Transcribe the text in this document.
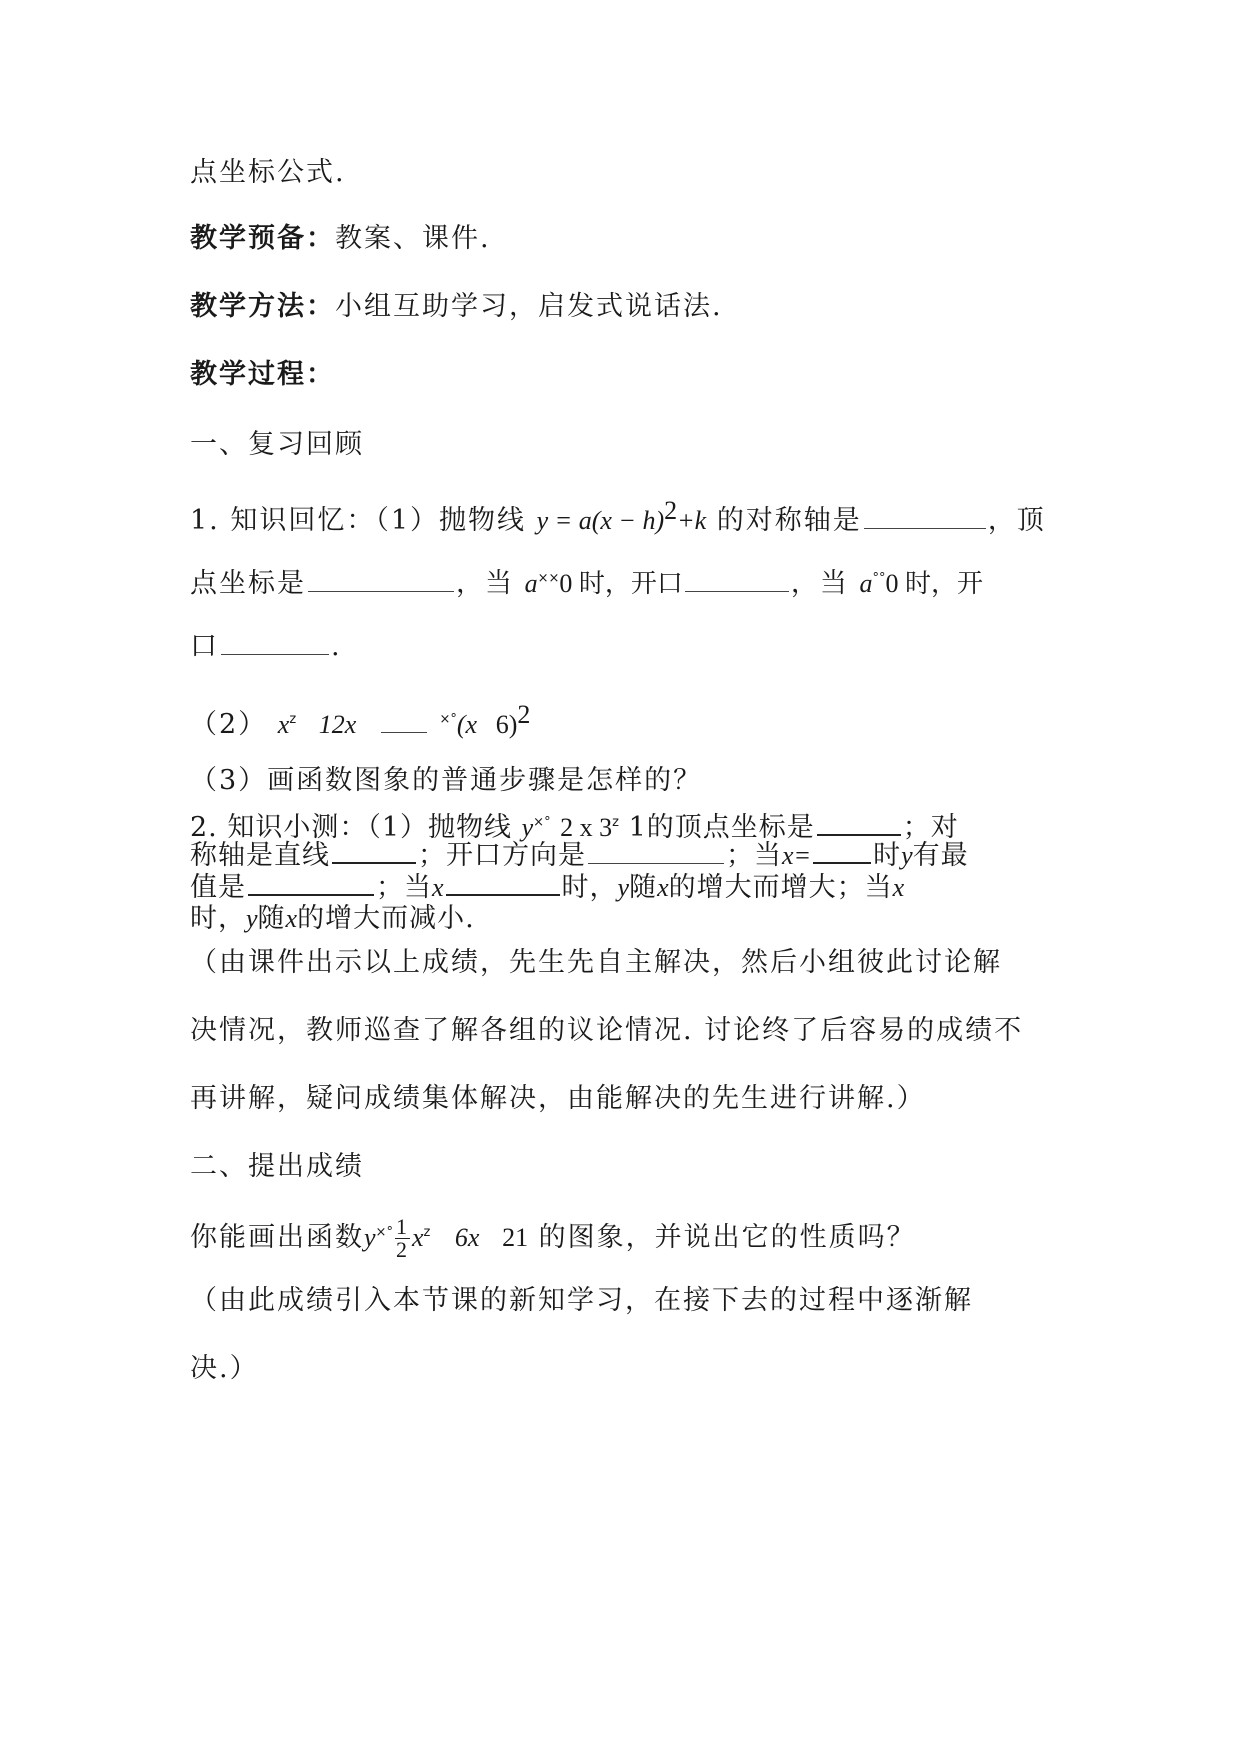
点坐标公式.
教学预备：教案、课件.
教学方法：小组互助学习，启发式说话法.
教学过程：
一、复习回顾
1. 知识回忆：（1）抛物线 $y = a(x - h)^2+k$ 的对称轴是	，顶
点坐标是	，当 a××0 时，开口	，当 a°°0 时，开
口	.
（2） $x^z$ 12x	×°(x 6)$^2$
（3）画函数图象的普通步骤是怎样的？
2. 知识小测：（1）抛物线 y×° 2 x 3$^z$ 1的顶点坐标是	；对
称轴是直线	；开口方向是	；当x= 时y有最
值是	；当x	时，y随x的增大而增大；当x
时，y随x的增大而减小.
（由课件出示以上成绩，先生先自主解决，然后小组彼此讨论解
决情况，教师巡查了解各组的议论情况. 讨论终了后容易的成绩不
再讲解，疑问成绩集体解决，由能解决的先生进行讲解.）
二、提出成绩
你能画出函数$y^{\times^\circ} \frac{1}{2} x^z$ 6x 21 的图象，并说出它的性质吗？
（由此成绩引入本节课的新知学习，在接下去的过程中逐渐解
决.）
